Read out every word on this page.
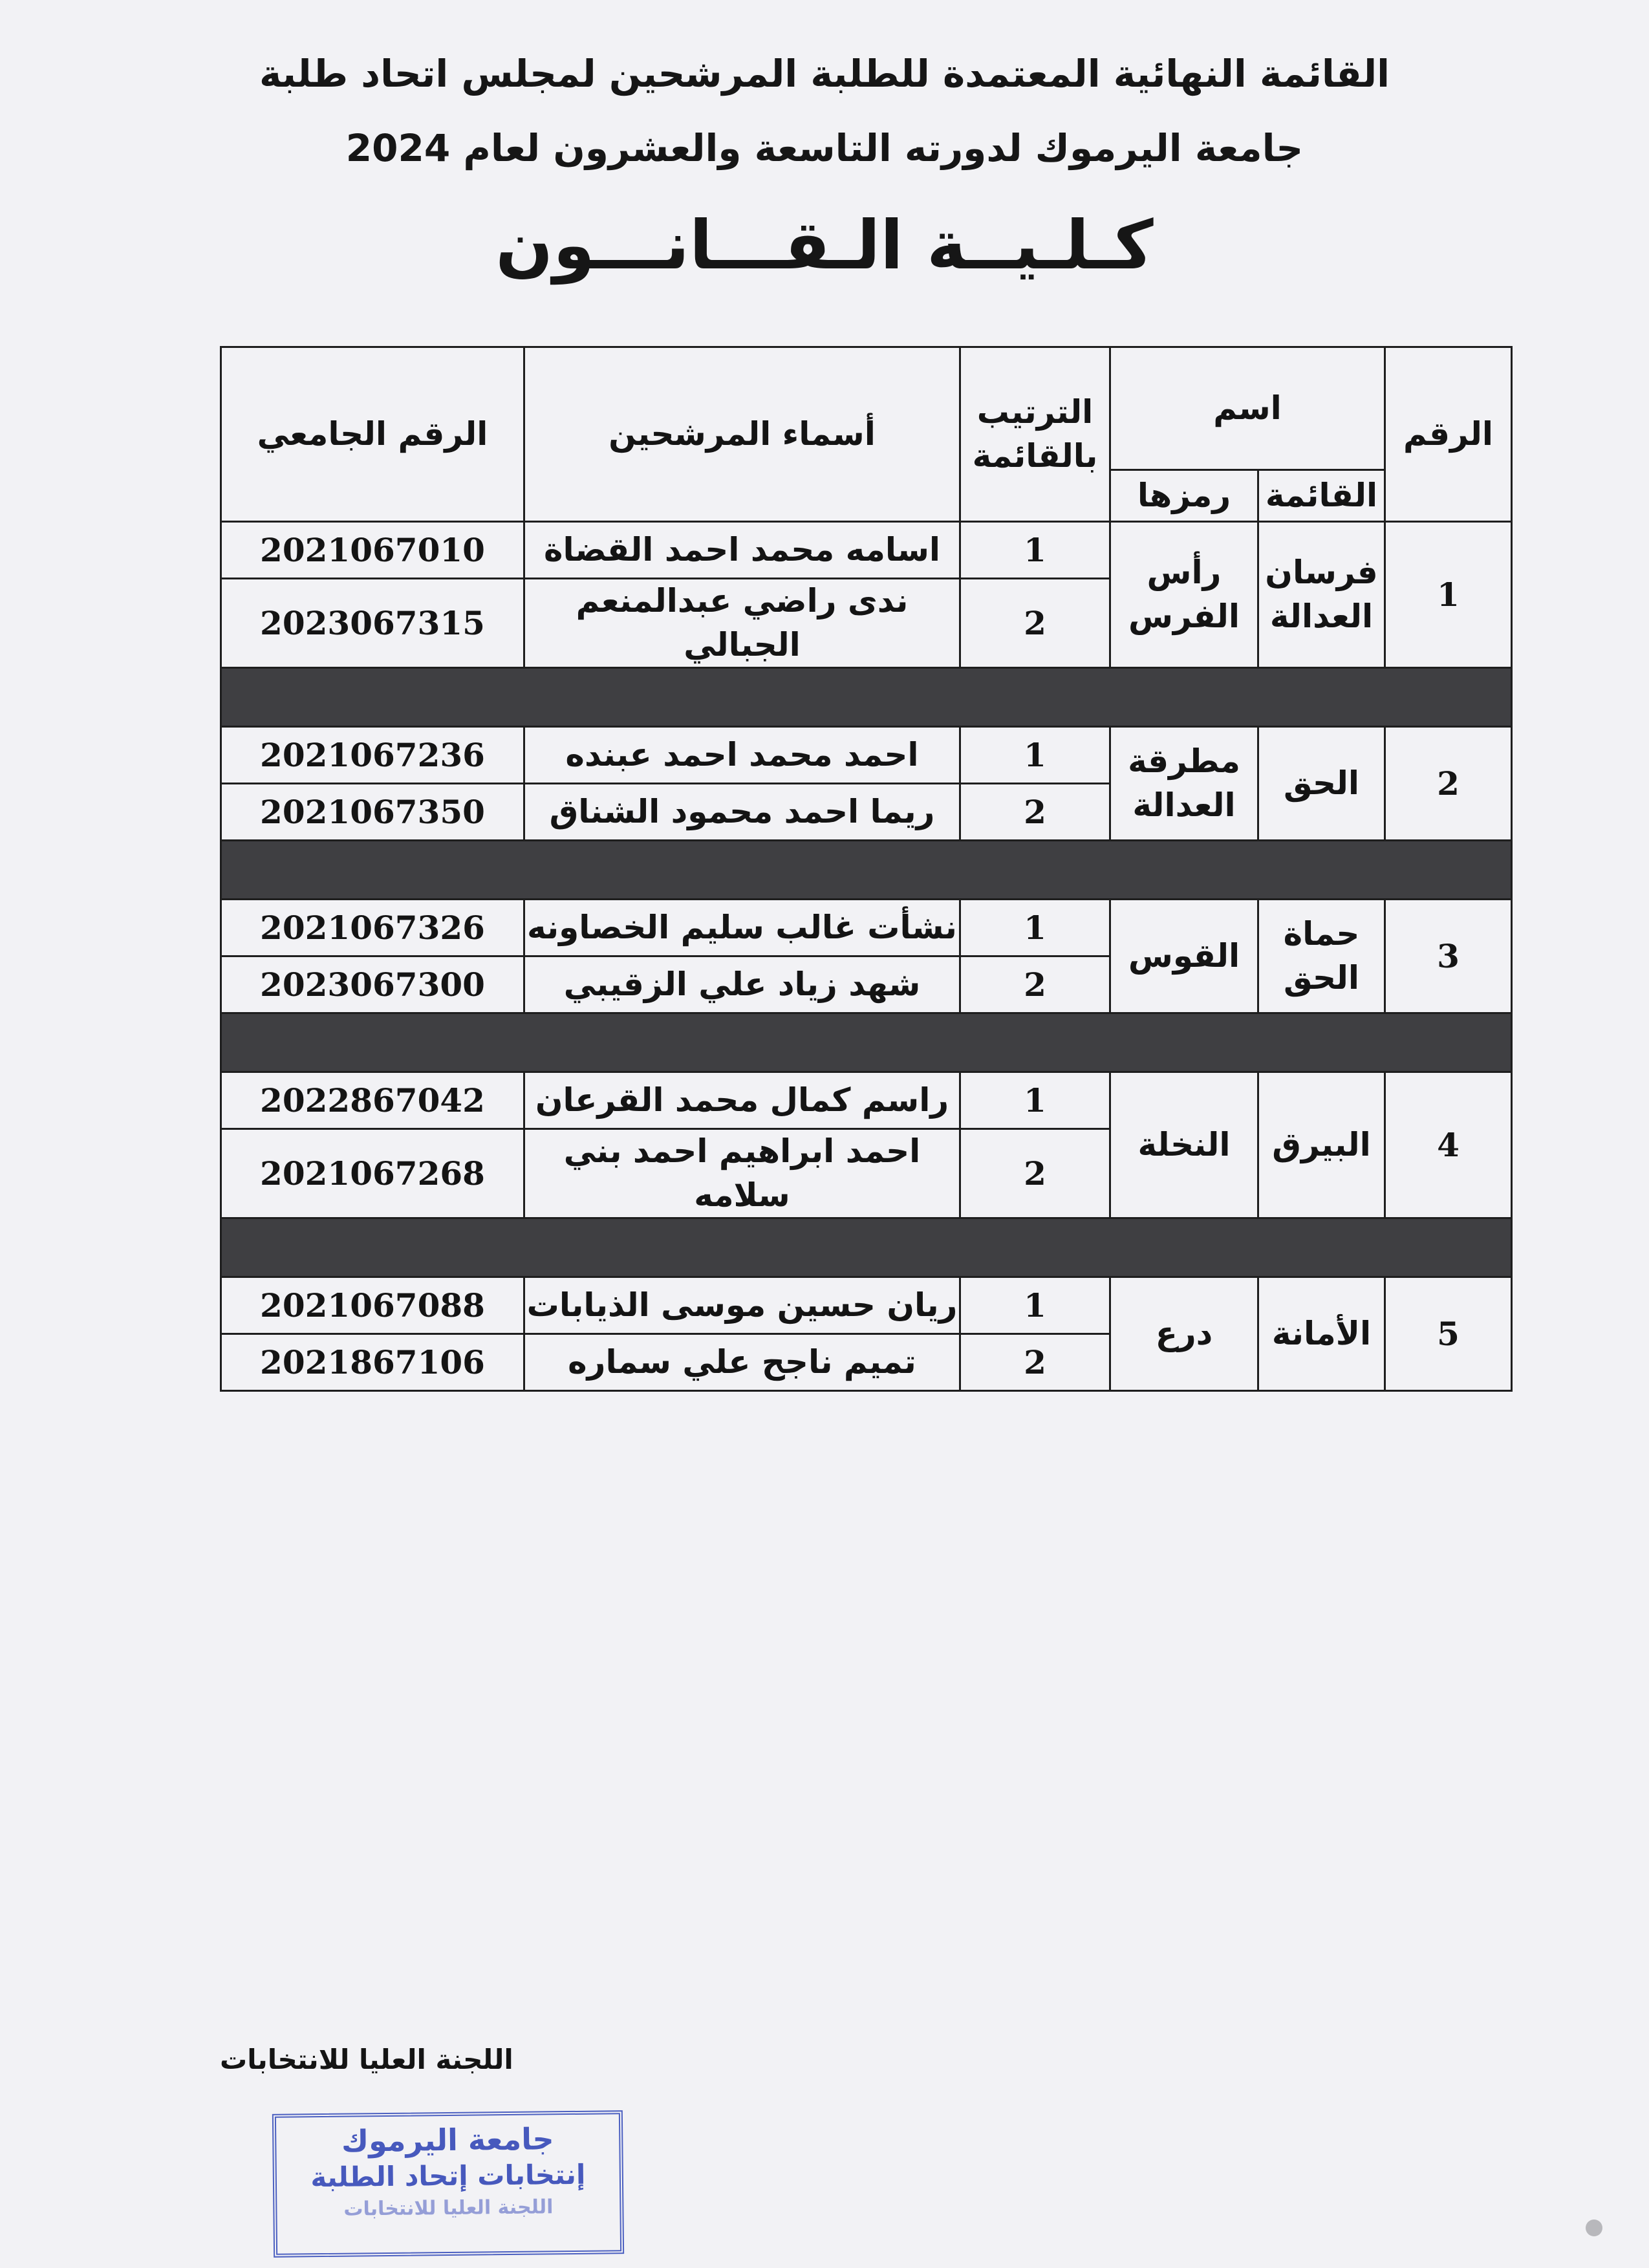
القائمة النهائية المعتمدة للطلبة المرشحين لمجلس اتحاد طلبة
جامعة اليرموك لدورته التاسعة والعشرون لعام 2024
كـلـيــة الـقـــانـــون
الرقم	اسم		الترتيب بالقائمة	أسماء المرشحين	الرقم الجامعي
	القائمة	رمزها			
1	فرسان العدالة	رأس الفرس	1	اسامه محمد احمد القضاة	2021067010
			2	ندى راضي عبدالمنعم الجبالي	2023067315

2	الحق	مطرقة العدالة	1	احمد محمد احمد عبنده	2021067236
			2	ريما احمد محمود الشناق	2021067350

3	حماة الحق	القوس	1	نشأت غالب سليم الخصاونه	2021067326
			2	شهد زياد علي الزقيبي	2023067300

4	البيرق	النخلة	1	راسم كمال محمد القرعان	2022867042
			2	احمد ابراهيم احمد بني سلامه	2021067268

5	الأمانة	درع	1	ريان حسين موسى الذيابات	2021067088
			2	تميم ناجح علي سماره	2021867106
اللجنة العليا للانتخابات
جامعة اليرموك
إنتخابات إتحاد الطلبة
اللجنة العليا للانتخابات
